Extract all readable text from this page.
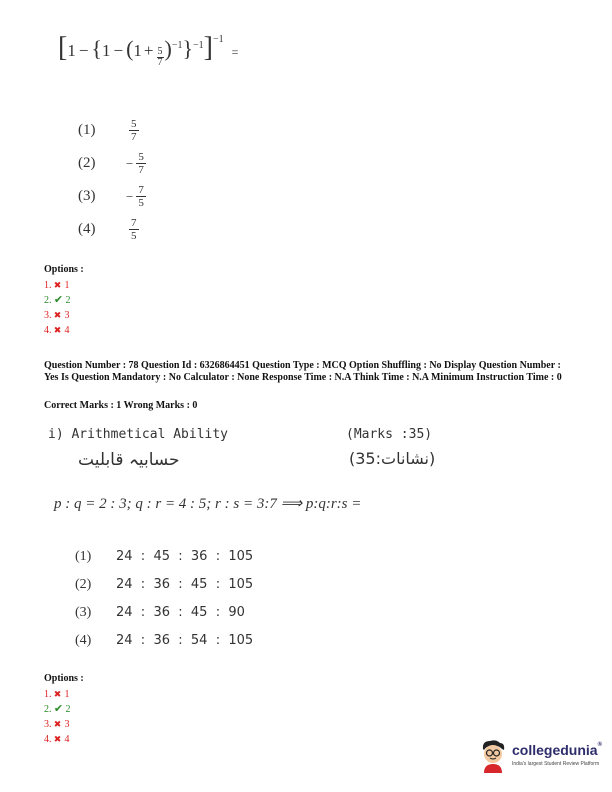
[ 1 − { 1 − ( $1 + \frac{5}{7} )^{-1}$ }$^{-1}$ ]$^{-1}$
=
(1)	$\frac{5}{7}$
(2)	− $\frac{5}{7}$
(3)	− $\frac{7}{5}$
(4)	$\frac{7}{5}$
Options :
1. ✖ 1
2. ✔ 2
3. ✖ 3
4. ✖ 4
Question Number : 78 Question Id : 6326864451 Question Type : MCQ Option Shuffling : No Display Question Number : Yes Is Question Mandatory : No Calculator : None Response Time : N.A Think Time : N.A Minimum Instruction Time : 0
Correct Marks : 1 Wrong Marks : 0
i) Arithmetical Ability	(Marks :35)
حسابیہ قابلیت	(نشانات:35)
p : q = 2 : 3; q : r = 4 : 5; r : s = 3:7 ⟹ p:q:r:s =
(1)	24  :  45  :  36  :  105
(2)	24  :  36  :  45  :  105
(3)	24  :  36  :  45  :  90
(4)	24  :  36  :  54  :  105
Options :
1. ✖ 1
2. ✔ 2
3. ✖ 3
4. ✖ 4
collegedunia®
India's largest Student Review Platform
